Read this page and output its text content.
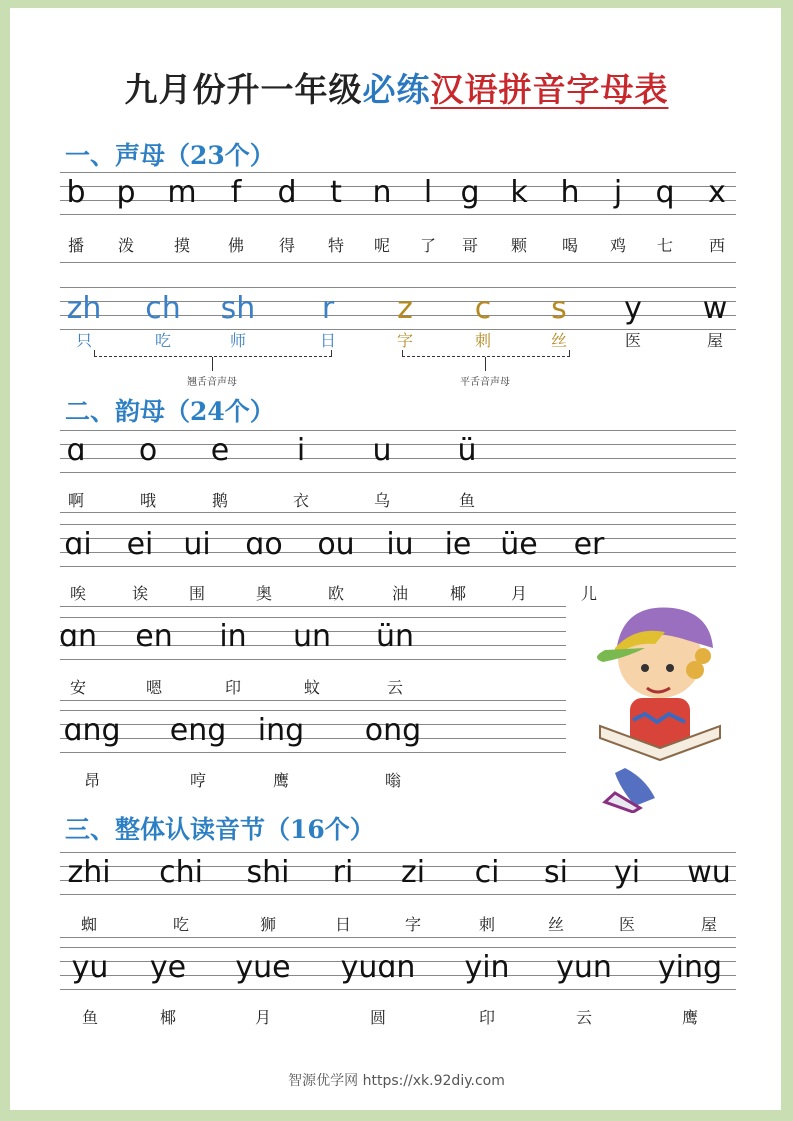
九月份升一年级必练汉语拼音字母表
一、声母（23个）
二、韵母（24个）
三、整体认读音节（16个）
b p m f d t n l g k h j q x
播 泼 摸 佛 得 特 呢 了 哥 颗 喝 鸡 七 西
zh ch sh r z c s y w
只	吃	师	日	字	刺	丝	医	屋
翘舌音声母	平舌音声母
ɑ o e i u ü
啊	哦	鹅	衣	乌	鱼
ɑi ei ui ɑo ou iu ie üe er
唉	诶	围	奥	欧	油	椰	月	儿
ɑn en in un ün
安	嗯	印	蚊	云
ɑng eng ing ong
昂	哼	鹰	嗡
zhi chi shi ri zi ci si yi wu
蜘	吃	狮	日	字	刺	丝	医	屋
yu ye yue yuɑn yin yun ying
鱼	椰	月	圆	印	云	鹰
智源优学网 https://xk.92diy.com
